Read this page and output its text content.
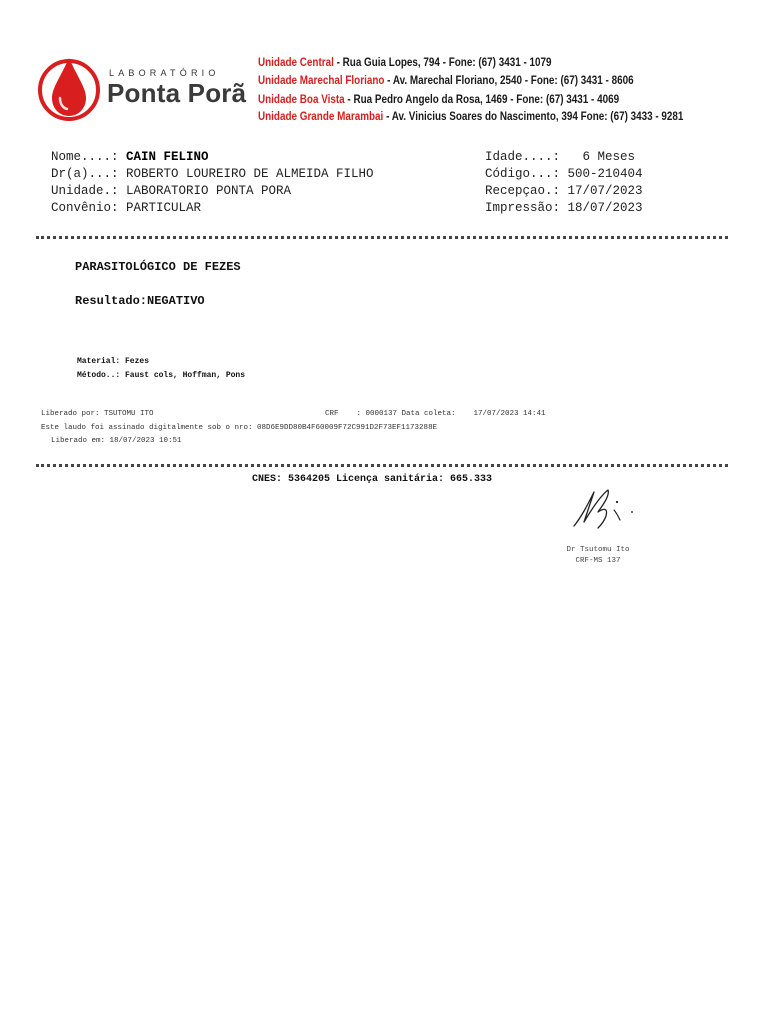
LABORATÓRIO
Ponta Porã
Unidade Central - Rua Guia Lopes, 794 - Fone: (67) 3431 - 1079
Unidade Marechal Floriano - Av. Marechal Floriano, 2540 - Fone: (67) 3431 - 8606
Unidade Boa Vista - Rua Pedro Angelo da Rosa, 1469 - Fone: (67) 3431 - 4069
Unidade Grande Marambai - Av. Vinicius Soares do Nascimento, 394 Fone: (67) 3433 - 9281
Nome....: CAIN FELINO
Dr(a)...: ROBERTO LOUREIRO DE ALMEIDA FILHO
Unidade.: LABORATORIO PONTA PORA
Convênio: PARTICULAR
Idade....:   6 Meses
Código...: 500-210404
Recepçao.: 17/07/2023
Impressão: 18/07/2023
PARASITOLÓGICO DE FEZES
Resultado:NEGATIVO
Material: Fezes
Método..: Faust cols, Hoffman, Pons
Liberado por: TSUTOMU ITO	CRF    : 0000137 Data coleta:    17/07/2023 14:41
Este laudo foi assinado digitalmente sob o nro: 08D6E9DD80B4F60009F72C991D2F73EF1173288E
Liberado em: 18/07/2023 10:51
CNES: 5364205 Licença sanitária: 665.333
Dr Tsutomu Ito
CRF-MS 137
